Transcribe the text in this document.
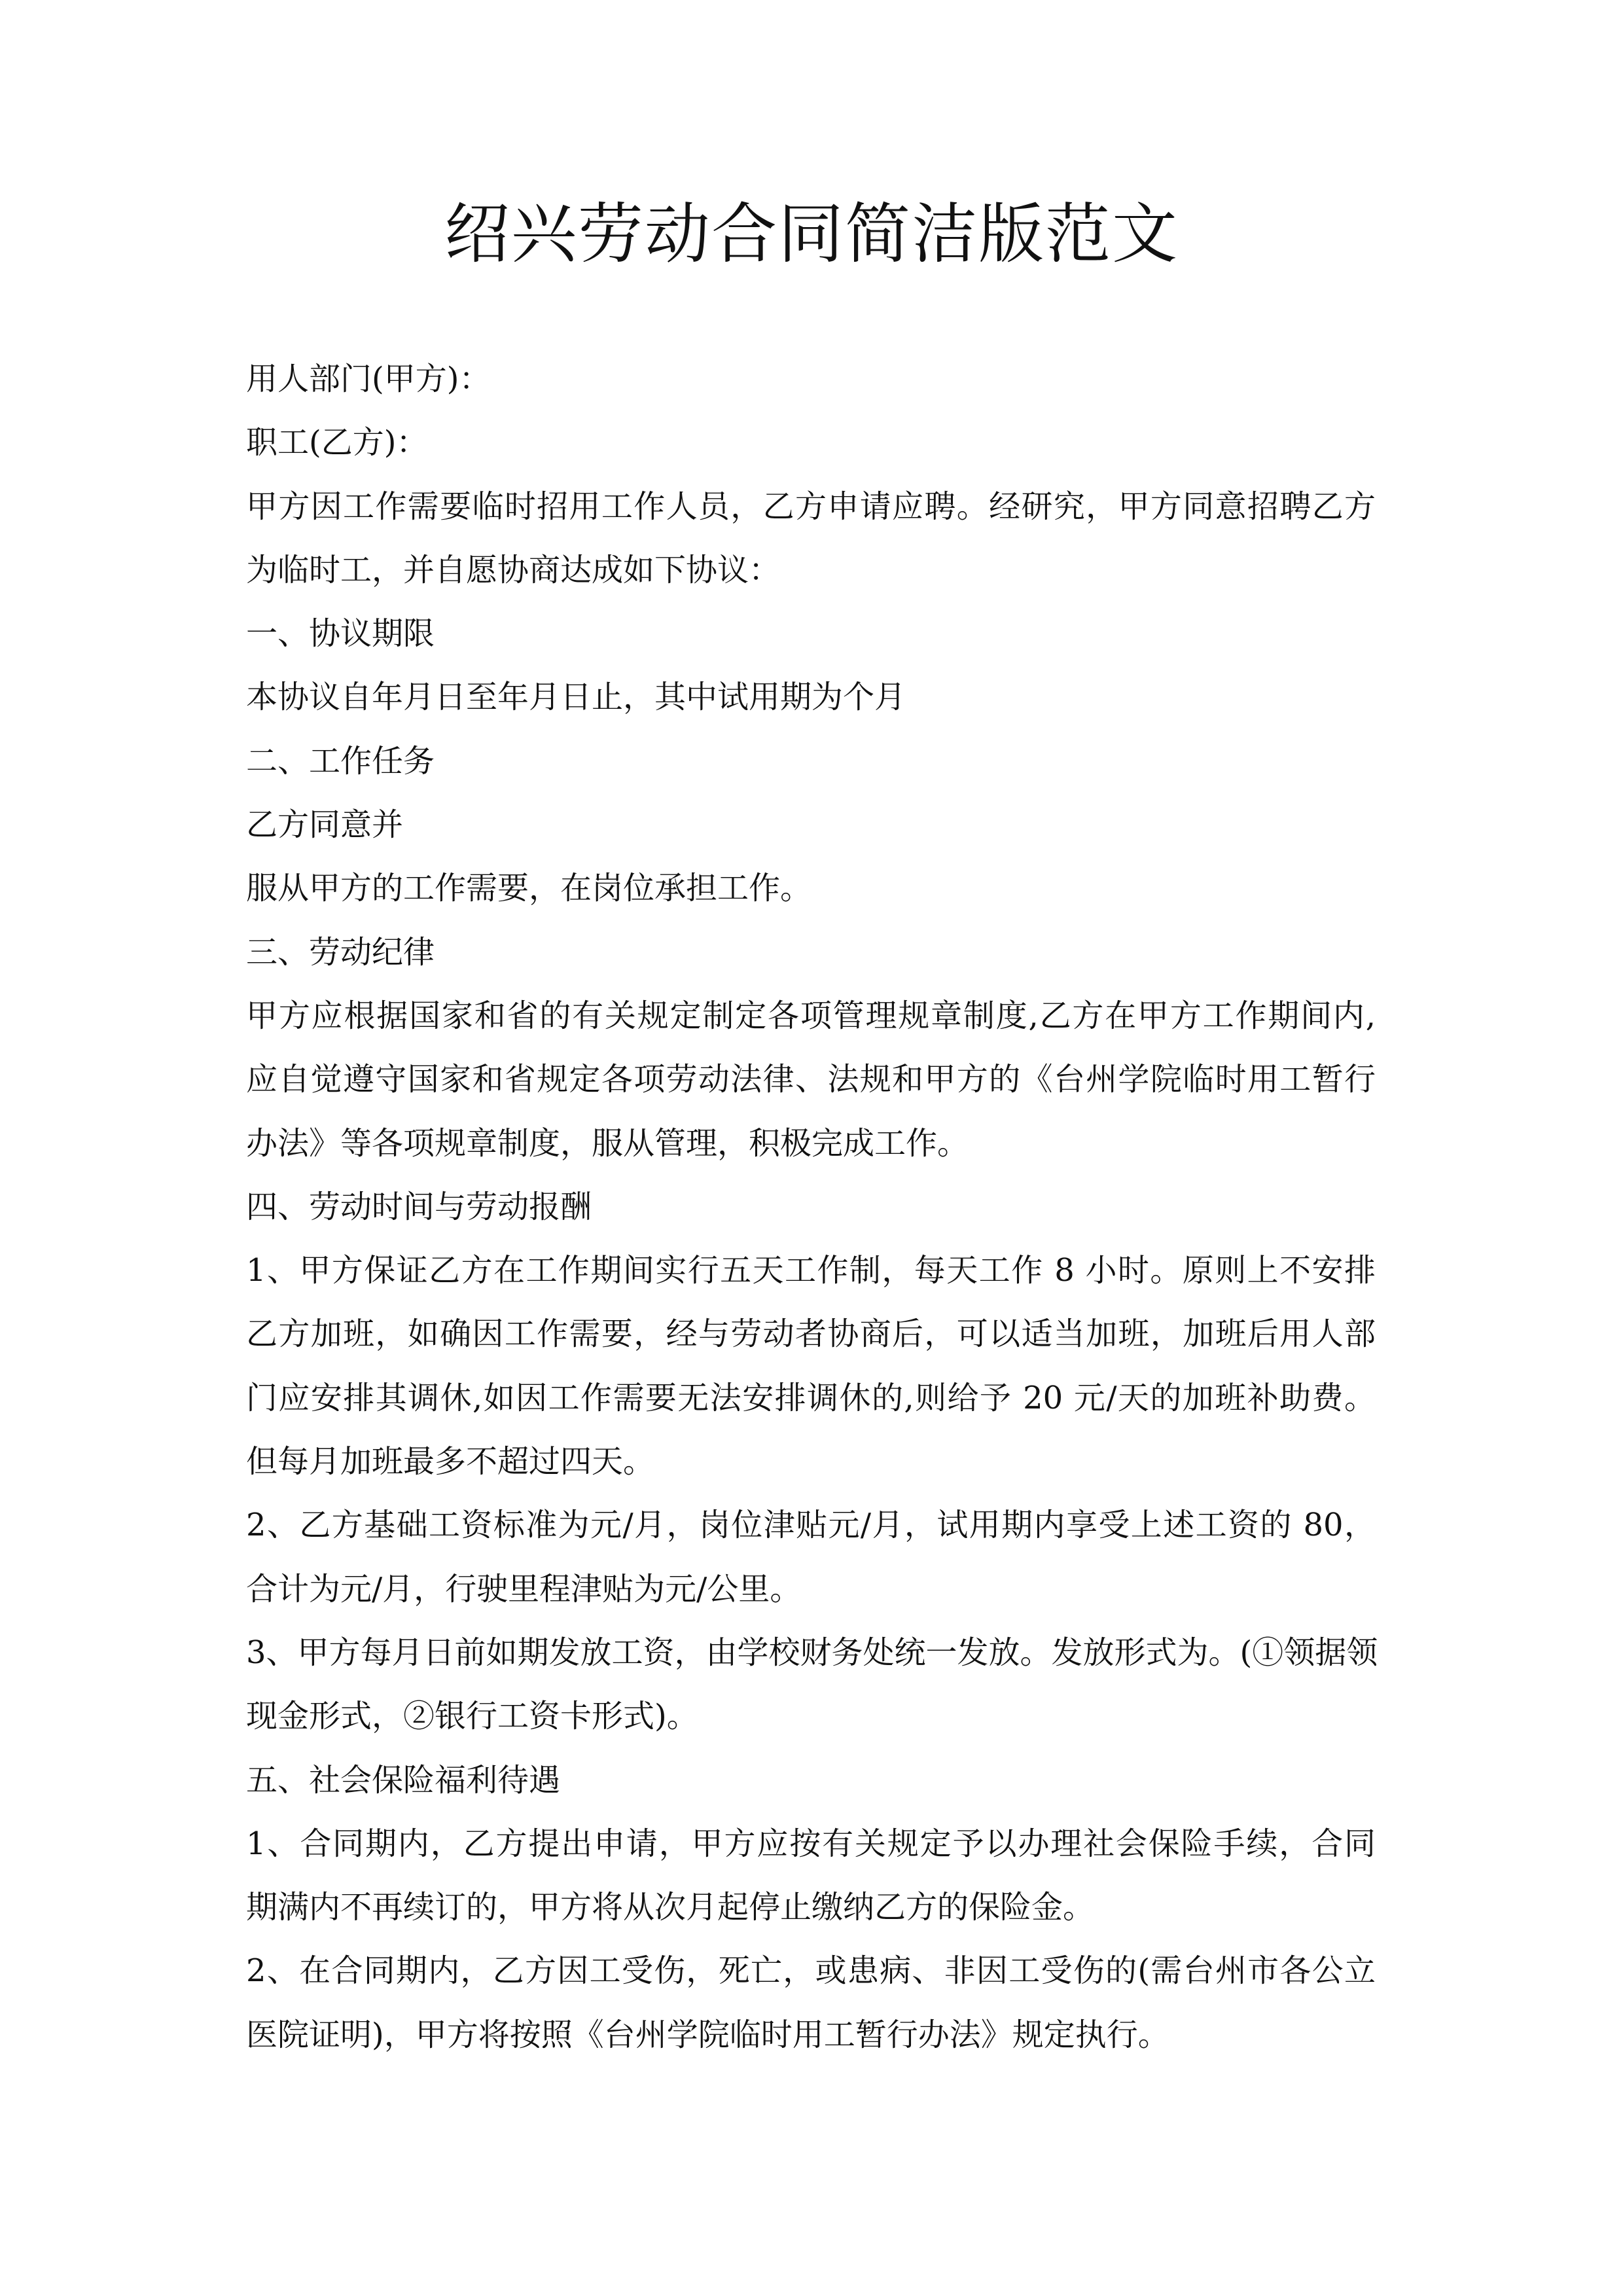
绍兴劳动合同简洁版范文
用人部门(甲方)：
职工(乙方)：
甲方因工作需要临时招用工作人员，乙方申请应聘。经研究，甲方同意招聘乙方
为临时工，并自愿协商达成如下协议：
一、协议期限
本协议自年月日至年月日止，其中试用期为个月
二、工作任务
乙方同意并
服从甲方的工作需要，在岗位承担工作。
三、劳动纪律
甲方应根据国家和省的有关规定制定各项管理规章制度,乙方在甲方工作期间内,
应自觉遵守国家和省规定各项劳动法律、法规和甲方的《台州学院临时用工暂行
办法》等各项规章制度，服从管理，积极完成工作。
四、劳动时间与劳动报酬
1、甲方保证乙方在工作期间实行五天工作制，每天工作 8 小时。原则上不安排
乙方加班，如确因工作需要，经与劳动者协商后，可以适当加班，加班后用人部
门应安排其调休,如因工作需要无法安排调休的,则给予 20 元/天的加班补助费。
但每月加班最多不超过四天。
2、乙方基础工资标准为元/月，岗位津贴元/月，试用期内享受上述工资的 80，
合计为元/月，行驶里程津贴为元/公里。
3、甲方每月日前如期发放工资，由学校财务处统一发放。发放形式为。(①领据领
现金形式，②银行工资卡形式)。
五、社会保险福利待遇
1、合同期内，乙方提出申请，甲方应按有关规定予以办理社会保险手续，合同
期满内不再续订的，甲方将从次月起停止缴纳乙方的保险金。
2、在合同期内，乙方因工受伤，死亡，或患病、非因工受伤的(需台州市各公立
医院证明)，甲方将按照《台州学院临时用工暂行办法》规定执行。
